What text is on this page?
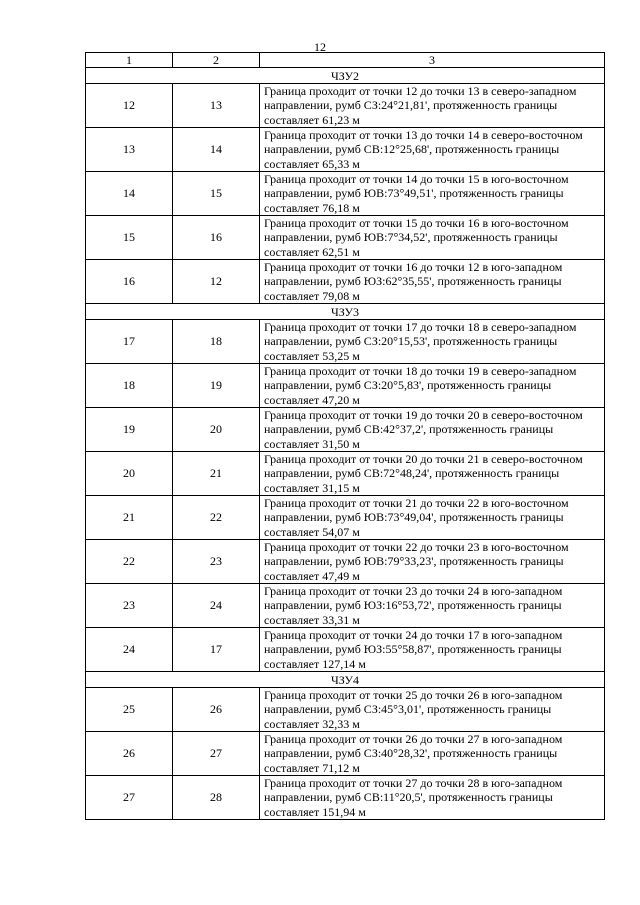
12
1	2	3
ЧЗУ2		
12	13	Граница проходит от точки 12 до точки 13 в северо-западном направлении, румб СЗ:24°21,81', протяженность границы составляет 61,23 м
13	14	Граница проходит от точки 13 до точки 14 в северо-восточном направлении, румб СВ:12°25,68', протяженность границы составляет 65,33 м
14	15	Граница проходит от точки 14 до точки 15 в юго-восточном направлении, румб ЮВ:73°49,51', протяженность границы составляет 76,18 м
15	16	Граница проходит от точки 15 до точки 16 в юго-восточном направлении, румб ЮВ:7°34,52', протяженность границы составляет 62,51 м
16	12	Граница проходит от точки 16 до точки 12 в юго-западном направлении, румб ЮЗ:62°35,55', протяженность границы составляет 79,08 м
ЧЗУ3		
17	18	Граница проходит от точки 17 до точки 18 в северо-западном направлении, румб СЗ:20°15,53', протяженность границы составляет 53,25 м
18	19	Граница проходит от точки 18 до точки 19 в северо-западном направлении, румб СЗ:20°5,83', протяженность границы составляет 47,20 м
19	20	Граница проходит от точки 19 до точки 20 в северо-восточном направлении, румб СВ:42°37,2', протяженность границы составляет 31,50 м
20	21	Граница проходит от точки 20 до точки 21 в северо-восточном направлении, румб СВ:72°48,24', протяженность границы составляет 31,15 м
21	22	Граница проходит от точки 21 до точки 22 в юго-восточном направлении, румб ЮВ:73°49,04', протяженность границы составляет 54,07 м
22	23	Граница проходит от точки 22 до точки 23 в юго-восточном направлении, румб ЮВ:79°33,23', протяженность границы составляет 47,49 м
23	24	Граница проходит от точки 23 до точки 24 в юго-западном направлении, румб ЮЗ:16°53,72', протяженность границы составляет 33,31 м
24	17	Граница проходит от точки 24 до точки 17 в юго-западном направлении, румб ЮЗ:55°58,87', протяженность границы составляет 127,14 м
ЧЗУ4		
25	26	Граница проходит от точки 25 до точки 26 в юго-западном направлении, румб СЗ:45°3,01', протяженность границы составляет 32,33 м
26	27	Граница проходит от точки 26 до точки 27 в юго-западном направлении, румб СЗ:40°28,32', протяженность границы составляет 71,12 м
27	28	Граница проходит от точки 27 до точки 28 в юго-западном направлении, румб СВ:11°20,5', протяженность границы составляет 151,94 м
